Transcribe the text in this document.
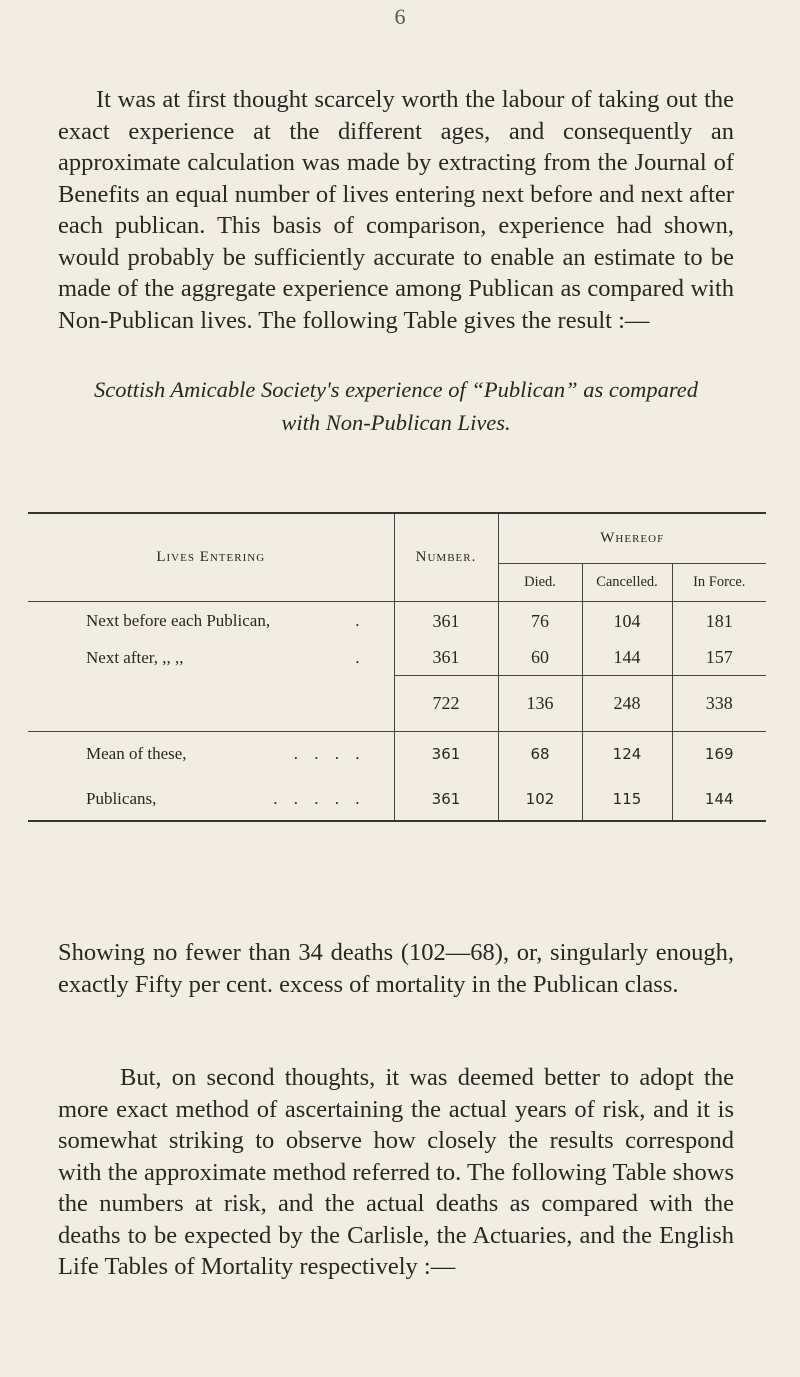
6

It was at first thought scarcely worth the labour of taking out the exact experience at the different ages, and consequently an approximate calculation was made by extracting from the Journal of Benefits an equal number of lives entering next before and next after each publican. This basis of comparison, experience had shown, would probably be sufficiently accurate to enable an estimate to be made of the aggregate experience among Publican as compared with Non-Publican lives. The following Table gives the result :—

Scottish Amicable Society's experience of “Publican” as compared
with Non-Publican Lives.
Lives Entering	Number.	Whereof		
		Died.	Cancelled.	In Force.
Next before each Publican, .	361	76	104	181
Next after, ,, ,, .	361	60	144	157
	722	136	248	338
Mean of these, . . . .	361	68	124	169
Publicans, . . . . .	361	102	115	144

Showing no fewer than 34 deaths (102—68), or, singularly enough, exactly Fifty per cent. excess of mortality in the Publican class.

But, on second thoughts, it was deemed better to adopt the more exact method of ascertaining the actual years of risk, and it is somewhat striking to observe how closely the results correspond with the approximate method referred to. The following Table shows the numbers at risk, and the actual deaths as compared with the deaths to be expected by the Carlisle, the Actuaries, and the English Life Tables of Mortality respectively :—
